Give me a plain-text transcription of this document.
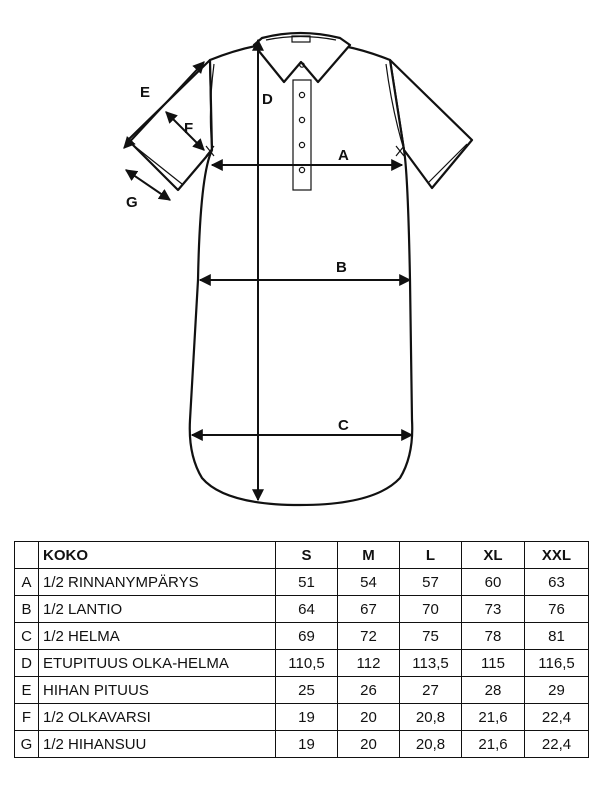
A
B
C
D
E
F
G
	KOKO	S	M	L	XL	XXL
A	1/2 RINNANYMPÄRYS	51	54	57	60	63
B	1/2 LANTIO	64	67	70	73	76
C	1/2 HELMA	69	72	75	78	81
D	ETUPITUUS OLKA-HELMA	110,5	112	113,5	115	116,5
E	HIHAN PITUUS	25	26	27	28	29
F	1/2 OLKAVARSI	19	20	20,8	21,6	22,4
G	1/2 HIHANSUU	19	20	20,8	21,6	22,4
